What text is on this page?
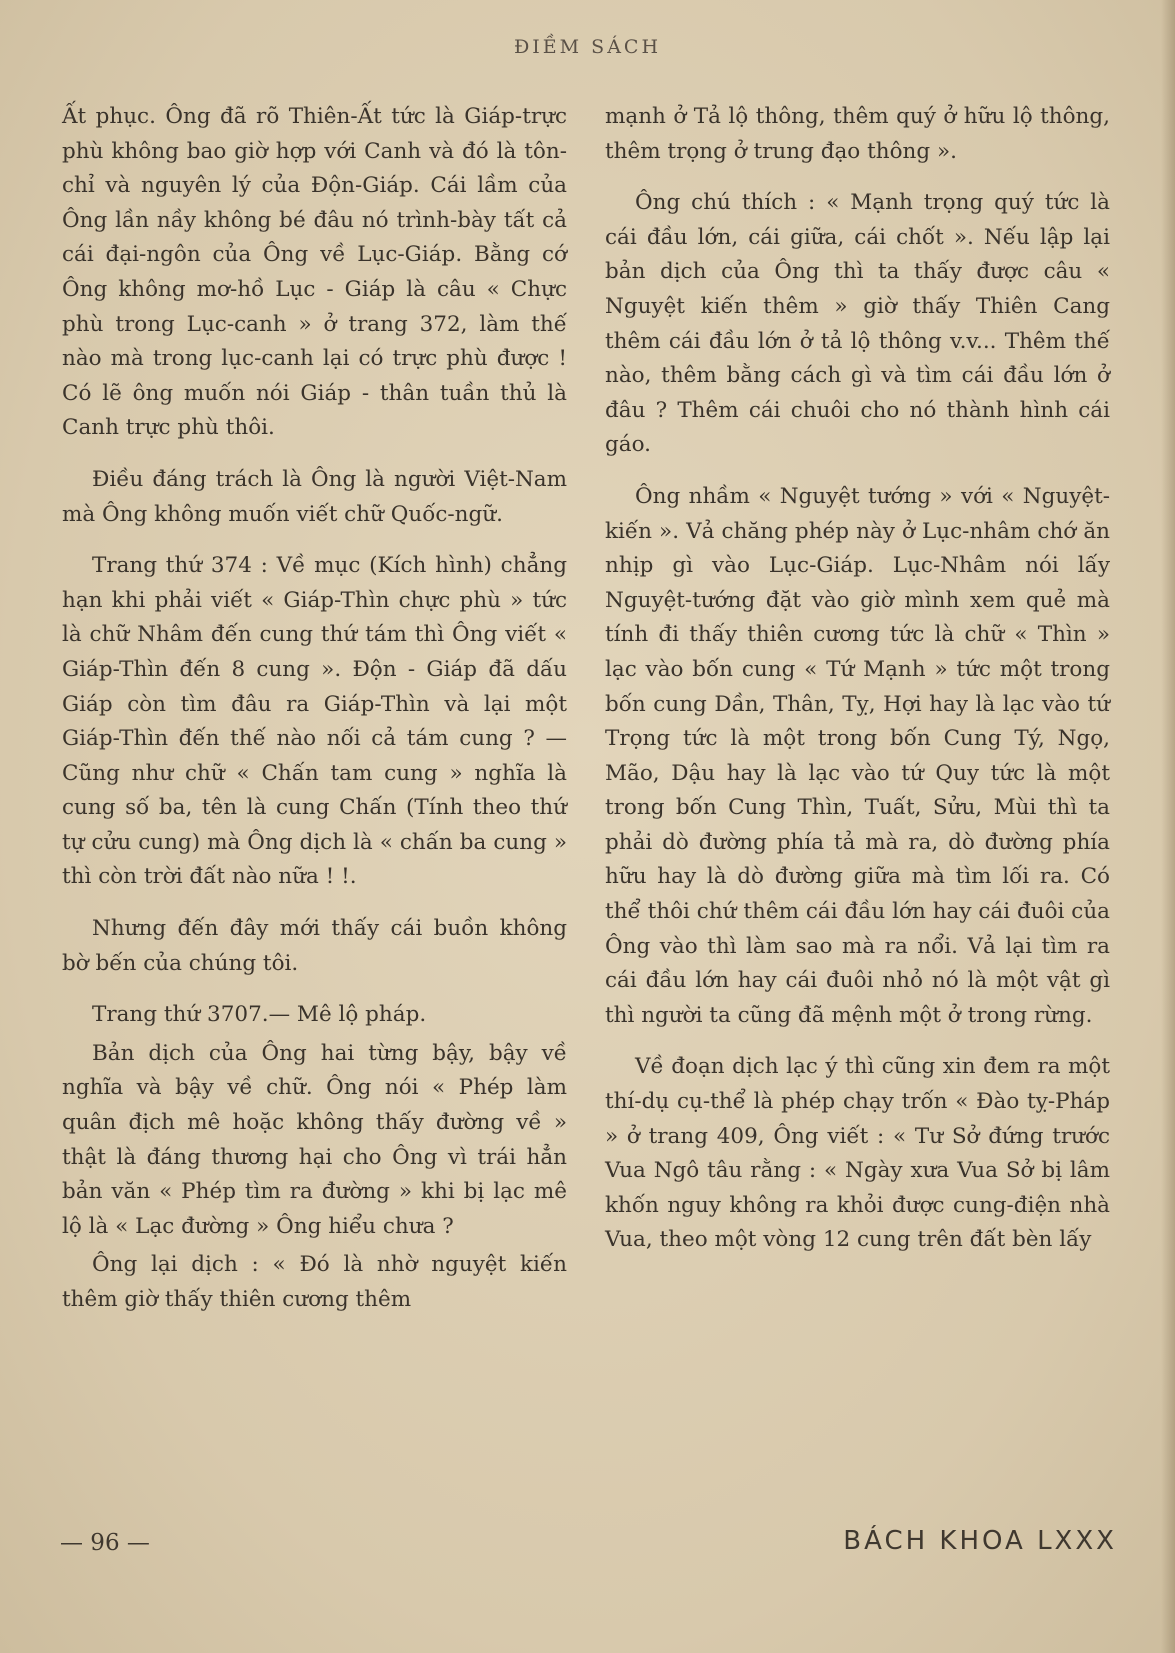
ĐIỀM SÁCH

Ất phục. Ông đã rõ Thiên-Ất tức là Giáp-trực phù không bao giờ hợp với Canh và đó là tôn-chỉ và nguyên lý của Độn-Giáp. Cái lầm của Ông lần nầy không bé đâu nó trình-bày tất cả cái đại-ngôn của Ông về Lục-Giáp. Bằng cớ Ông không mơ-hồ Lục - Giáp là câu « Chực phù trong Lục-canh » ở trang 372, làm thế nào mà trong lục-canh lại có trực phù được ! Có lẽ ông muốn nói Giáp - thân tuần thủ là Canh trực phù thôi.

Điều đáng trách là Ông là người Việt-Nam mà Ông không muốn viết chữ Quốc-ngữ.

Trang thứ 374 : Về mục (Kích hình) chẳng hạn khi phải viết « Giáp-Thìn chực phù » tức là chữ Nhâm đến cung thứ tám thì Ông viết « Giáp-Thìn đến 8 cung ». Độn - Giáp đã dấu Giáp còn tìm đâu ra Giáp-Thìn và lại một Giáp-Thìn đến thế nào nối cả tám cung ? — Cũng như chữ « Chấn tam cung » nghĩa là cung số ba, tên là cung Chấn (Tính theo thứ tự cửu cung) mà Ông dịch là « chấn ba cung » thì còn trời đất nào nữa ! !.

Nhưng đến đây mới thấy cái buồn không bờ bến của chúng tôi.

Trang thứ 3707.— Mê lộ pháp.

Bản dịch của Ông hai từng bậy, bậy về nghĩa và bậy về chữ. Ông nói « Phép làm quân địch mê hoặc không thấy đường về » thật là đáng thương hại cho Ông vì trái hẳn bản văn « Phép tìm ra đường » khi bị lạc mê lộ là « Lạc đường » Ông hiểu chưa ?

Ông lại dịch : « Đó là nhờ nguyệt kiến thêm giờ thấy thiên cương thêm

mạnh ở Tả lộ thông, thêm quý ở hữu lộ thông, thêm trọng ở trung đạo thông ».

Ông chú thích : « Mạnh trọng quý tức là cái đầu lớn, cái giữa, cái chốt ». Nếu lập lại bản dịch của Ông thì ta thấy được câu « Nguyệt kiến thêm » giờ thấy Thiên Cang thêm cái đầu lớn ở tả lộ thông v.v... Thêm thế nào, thêm bằng cách gì và tìm cái đầu lớn ở đâu ? Thêm cái chuôi cho nó thành hình cái gáo.

Ông nhầm « Nguyệt tướng » với « Nguyệt-kiến ». Vả chăng phép này ở Lục-nhâm chớ ăn nhịp gì vào Lục-Giáp. Lục-Nhâm nói lấy Nguyệt-tướng đặt vào giờ mình xem quẻ mà tính đi thấy thiên cương tức là chữ « Thìn » lạc vào bốn cung « Tứ Mạnh » tức một trong bốn cung Dần, Thân, Tỵ, Hợi hay là lạc vào tứ Trọng tức là một trong bốn Cung Tý, Ngọ, Mão, Dậu hay là lạc vào tứ Quy tức là một trong bốn Cung Thìn, Tuất, Sửu, Mùi thì ta phải dò đường phía tả mà ra, dò đường phía hữu hay là dò đường giữa mà tìm lối ra. Có thể thôi chứ thêm cái đầu lớn hay cái đuôi của Ông vào thì làm sao mà ra nổi. Vả lại tìm ra cái đầu lớn hay cái đuôi nhỏ nó là một vật gì thì người ta cũng đã mệnh một ở trong rừng.

Về đoạn dịch lạc ý thì cũng xin đem ra một thí-dụ cụ-thể là phép chạy trốn « Đào tỵ-Pháp » ở trang 409, Ông viết : « Tư Sở đứng trước Vua Ngô tâu rằng : « Ngày xưa Vua Sở bị lâm khốn nguy không ra khỏi được cung-điện nhà Vua, theo một vòng 12 cung trên đất bèn lấy

— 96 —	BÁCH KHOA LXXX
